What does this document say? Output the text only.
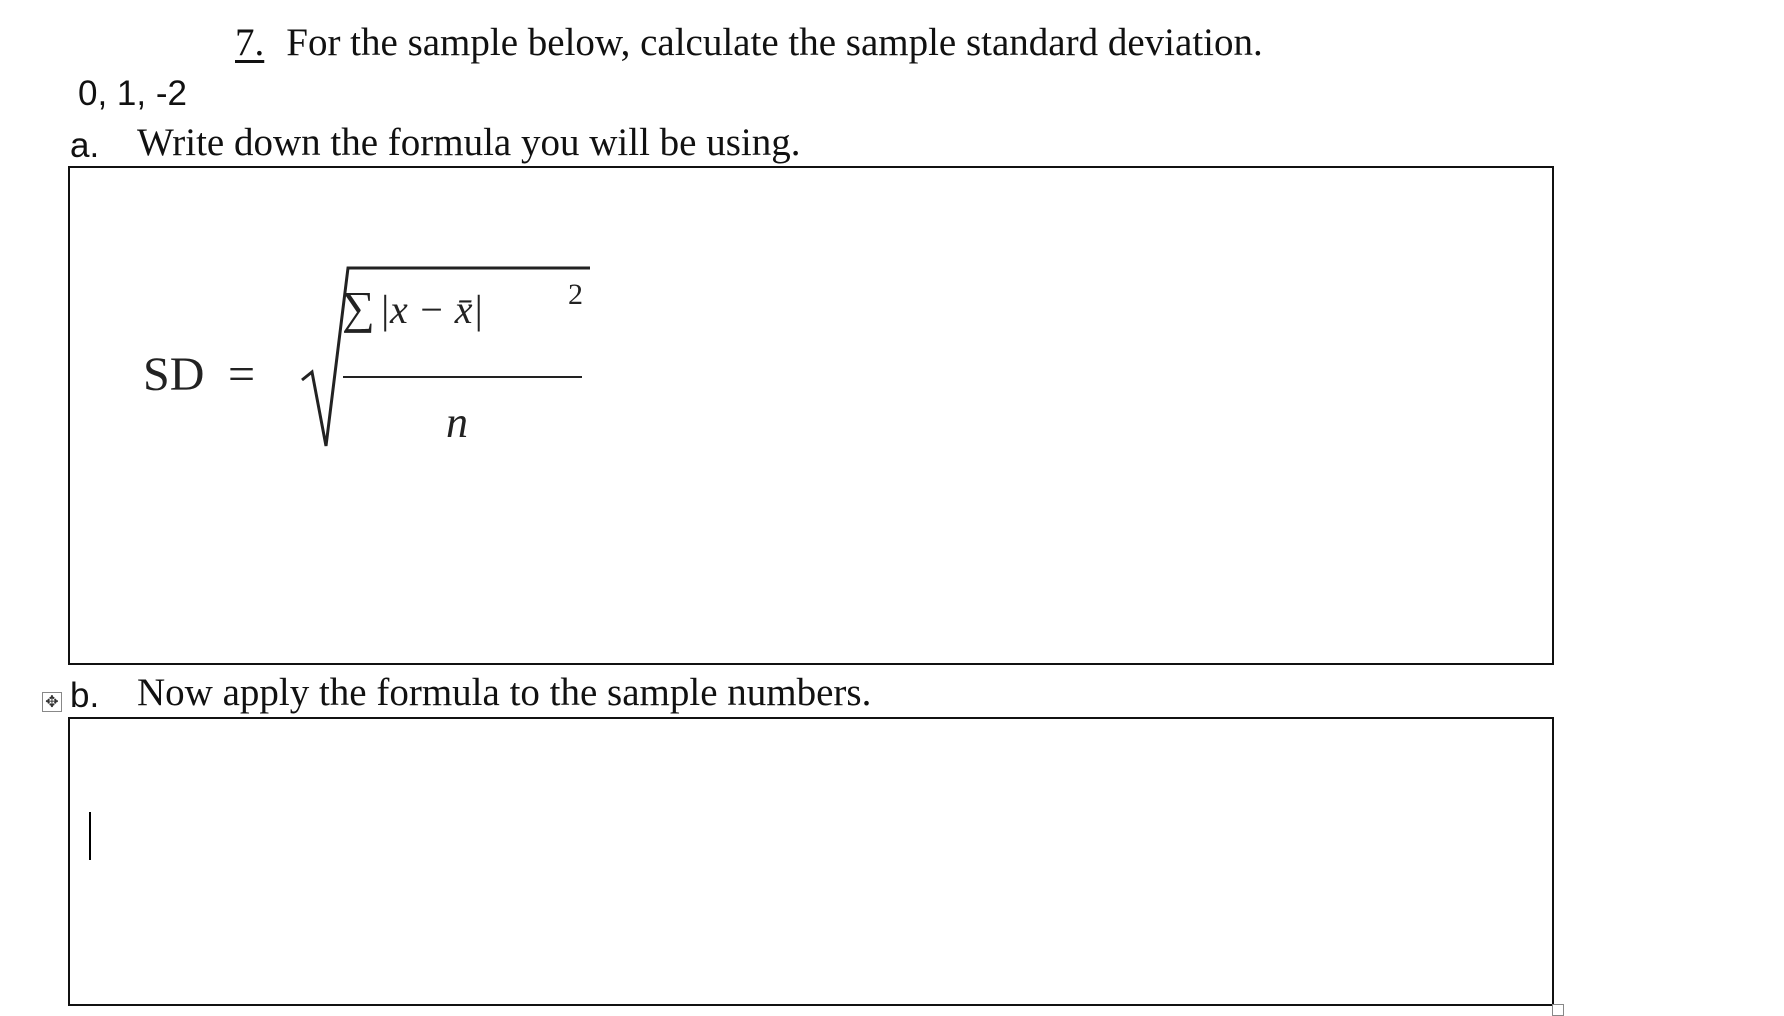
7. For the sample below, calculate the sample standard deviation.
0, 1, -2
a. Write down the formula you will be using.
SD =
∑ |x − x̄|	2
n
✥ b. Now apply the formula to the sample numbers.
